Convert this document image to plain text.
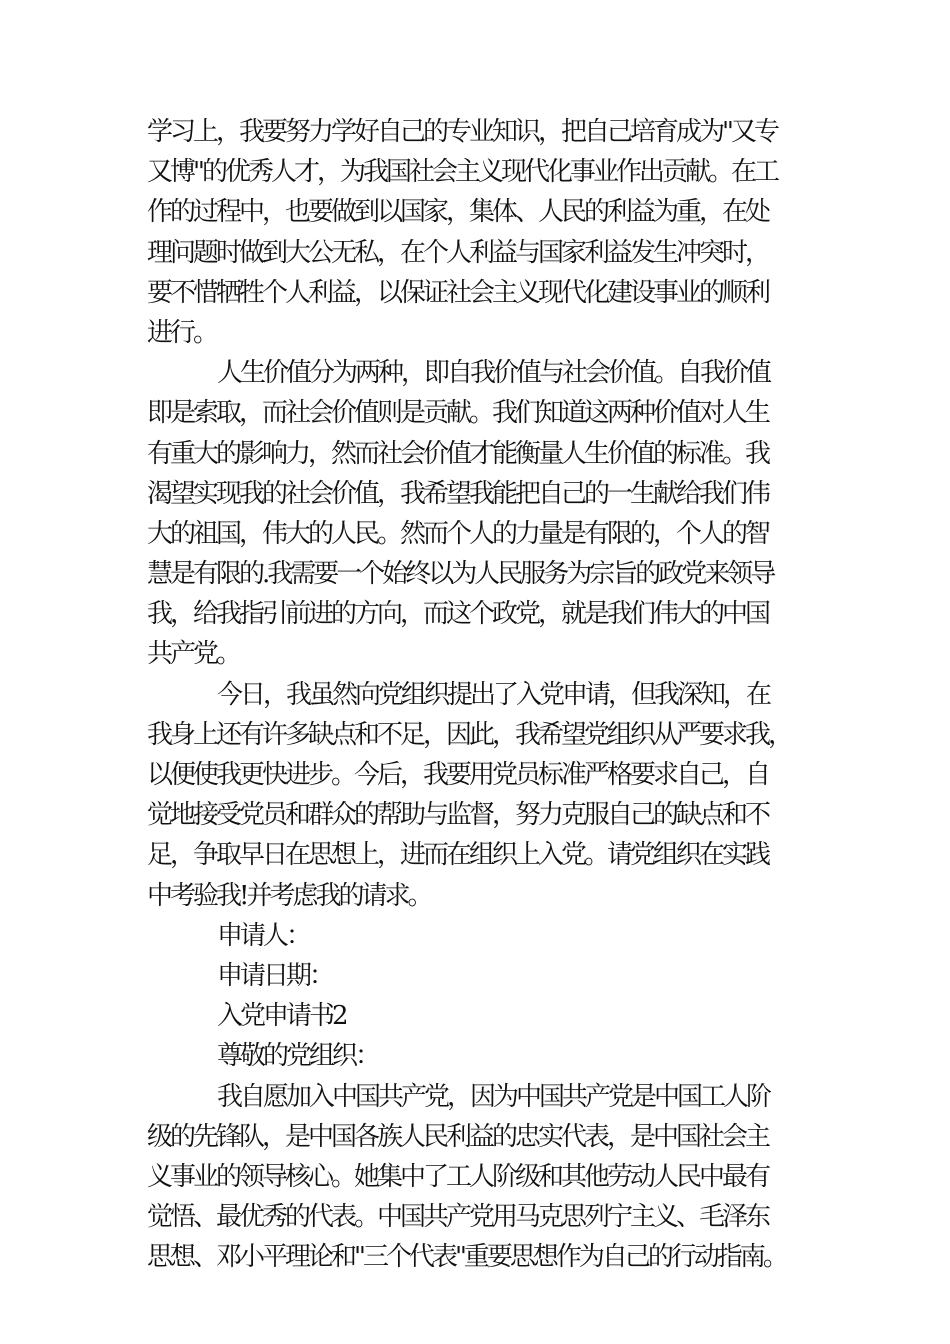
学习上，我要努力学好自己的专业知识，把自己培育成为"又专
又博"的优秀人才，为我国社会主义现代化事业作出贡献。在工
作的过程中，也要做到以国家，集体、人民的利益为重，在处
理问题时做到大公无私，在个人利益与国家利益发生冲突时，
要不惜牺牲个人利益，以保证社会主义现代化建设事业的顺利
进行。
人生价值分为两种，即自我价值与社会价值。自我价值
即是索取，而社会价值则是贡献。我们知道这两种价值对人生
有重大的影响力，然而社会价值才能衡量人生价值的标准。我
渴望实现我的社会价值，我希望我能把自己的一生献给我们伟
大的祖国，伟大的人民。然而个人的力量是有限的，个人的智
慧是有限的.我需要一个始终以为人民服务为宗旨的政党来领导
我，给我指引前进的方向，而这个政党，就是我们伟大的中国
共产党。
今日，我虽然向党组织提出了入党申请，但我深知，在
我身上还有许多缺点和不足，因此，我希望党组织从严要求我，
以便使我更快进步。今后，我要用党员标准严格要求自己，自
觉地接受党员和群众的帮助与监督，努力克服自己的缺点和不
足，争取早日在思想上，进而在组织上入党。请党组织在实践
中考验我!并考虑我的请求。
申请人：
申请日期：
入党申请书2
尊敬的党组织：
我自愿加入中国共产党，因为中国共产党是中国工人阶
级的先锋队，是中国各族人民利益的忠实代表，是中国社会主
义事业的领导核心。她集中了工人阶级和其他劳动人民中最有
觉悟、最优秀的代表。中国共产党用马克思列宁主义、毛泽东
思想、邓小平理论和"三个代表"重要思想作为自己的行动指南。
